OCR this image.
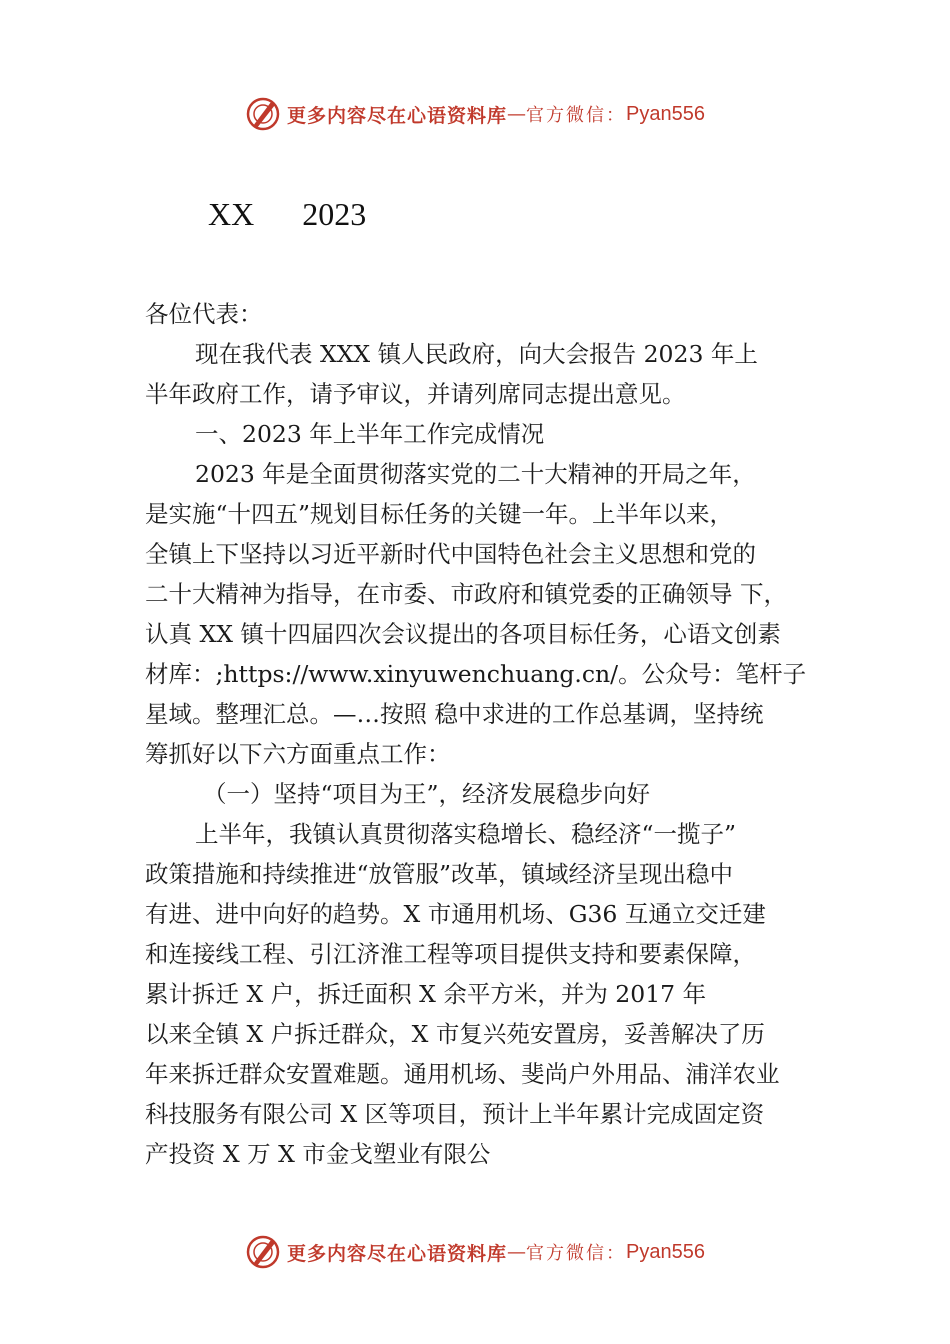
更多内容尽在心语资料库 — 官方微信： Pyan556
XX      2023
各位代表：
现在我代表 XXX 镇人民政府，向大会报告 2023 年上
半年政府工作，请予审议，并请列席同志提出意见。
一、2023 年上半年工作完成情况
2023 年是全面贯彻落实党的二十大精神的开局之年，
是实施“十四五”规划目标任务的关键一年。上半年以来，
全镇上下坚持以习近平新时代中国特色社会主义思想和党的
二十大精神为指导，在市委、市政府和镇党委的正确领导 下，
认真 XX 镇十四届四次会议提出的各项目标任务，心语文创素
材库：;https://www.xinyuwenchuang.cn/。公众号：笔杆子
星域。整理汇总。—…按照 稳中求进的工作总基调，坚持统
筹抓好以下六方面重点工作：
（一）坚持“项目为王”，经济发展稳步向好
上半年，我镇认真贯彻落实稳增长、稳经济“一揽子”
政策措施和持续推进“放管服”改革，镇域经济呈现出稳中
有进、进中向好的趋势。X 市通用机场、G36 互通立交迁建
和连接线工程、引江济淮工程等项目提供支持和要素保障，
累计拆迁 X 户，拆迁面积 X 余平方米，并为 2017 年
以来全镇 X 户拆迁群众，X 市复兴苑安置房，妥善解决了历
年来拆迁群众安置难题。通用机场、斐尚户外用品、浦洋农业
科技服务有限公司 X 区等项目，预计上半年累计完成固定资
产投资 X 万 X 市金戈塑业有限公
更多内容尽在心语资料库 — 官方微信： Pyan556
